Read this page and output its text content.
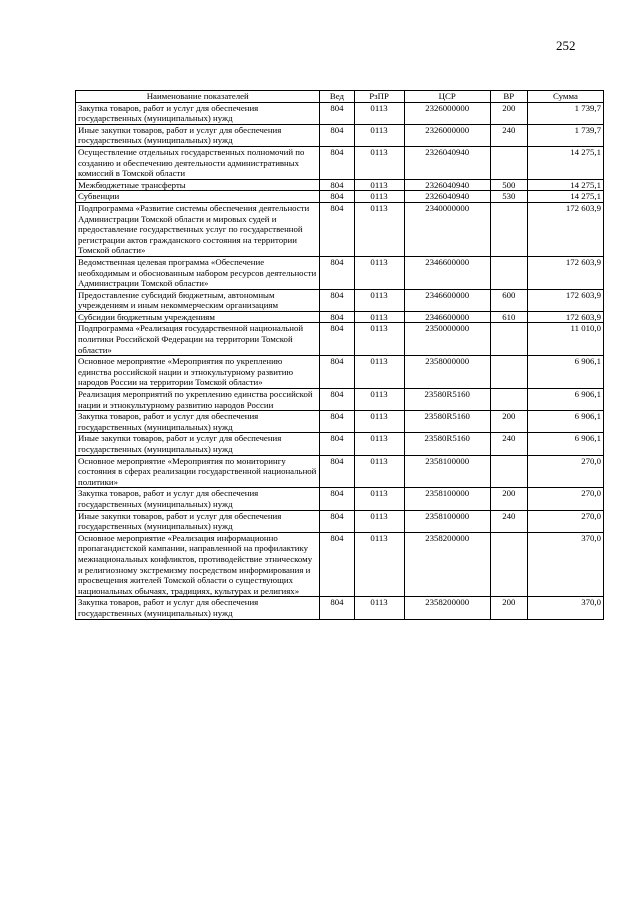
252
Наименование показателей	Вед	РзПР	ЦСР	ВР	Сумма
Закупка товаров, работ и услуг для обеспечения государственных (муниципальных) нужд	804	0113	2326000000	200	1 739,7
Иные закупки товаров, работ и услуг для обеспечения государственных (муниципальных) нужд	804	0113	2326000000	240	1 739,7
Осуществление отдельных государственных полномочий по созданию и обеспечению деятельности административных комиссий в Томской области	804	0113	2326040940		14 275,1
Межбюджетные трансферты	804	0113	2326040940	500	14 275,1
Субвенции	804	0113	2326040940	530	14 275,1
Подпрограмма «Развитие системы обеспечения деятельности Администрации Томской области и мировых судей и предоставление государственных услуг по государственной регистрации актов гражданского состояния на территории Томской области»	804	0113	2340000000		172 603,9
Ведомственная целевая программа «Обеспечение необходимым и обоснованным набором ресурсов деятельности Администрации Томской области»	804	0113	2346600000		172 603,9
Предоставление субсидий бюджетным, автономным учреждениям и иным некоммерческим организациям	804	0113	2346600000	600	172 603,9
Субсидии бюджетным учреждениям	804	0113	2346600000	610	172 603,9
Подпрограмма «Реализация государственной национальной политики Российской Федерации на территории Томской области»	804	0113	2350000000		11 010,0
Основное мероприятие «Мероприятия по укреплению единства российской нации и этнокультурному развитию народов России на территории Томской области»	804	0113	2358000000		6 906,1
Реализация мероприятий по укреплению единства российской нации и этнокультурному развитию народов России	804	0113	23580R5160		6 906,1
Закупка товаров, работ и услуг для обеспечения государственных (муниципальных) нужд	804	0113	23580R5160	200	6 906,1
Иные закупки товаров, работ и услуг для обеспечения государственных (муниципальных) нужд	804	0113	23580R5160	240	6 906,1
Основное мероприятие «Мероприятия по мониторингу состояния в сферах реализации государственной национальной политики»	804	0113	2358100000		270,0
Закупка товаров, работ и услуг для обеспечения государственных (муниципальных) нужд	804	0113	2358100000	200	270,0
Иные закупки товаров, работ и услуг для обеспечения государственных (муниципальных) нужд	804	0113	2358100000	240	270,0
Основное мероприятие «Реализация информационно пропагандистской кампании, направленной на профилактику межнациональных конфликтов, противодействие этническому и религиозному экстремизму посредством информирования и просвещения жителей Томской области о существующих национальных обычаях, традициях, культурах и религиях»	804	0113	2358200000		370,0
Закупка товаров, работ и услуг для обеспечения государственных (муниципальных) нужд	804	0113	2358200000	200	370,0
